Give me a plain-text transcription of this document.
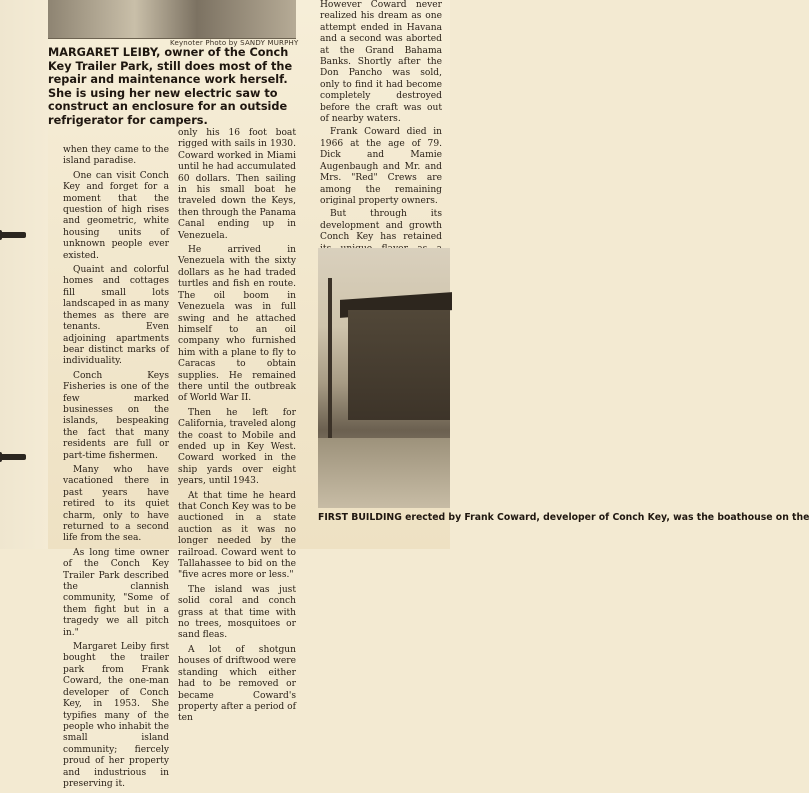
Keynoter Photo by SANDY MURPHY
MARGARET LEIBY, owner of the Conch Key Trailer Park, still does most of the repair and maintenance work herself. She is using her new electric saw to construct an enclosure for an outside refrigerator for campers.

when they came to the island paradise.

One can visit Conch Key and forget for a moment that the question of high rises and geometric, white housing units of unknown people ever existed.

Quaint and colorful homes and cottages fill small lots landscaped in as many themes as there are tenants. Even adjoining apartments bear distinct marks of individuality.

Conch Keys Fisheries is one of the few marked businesses on the islands, bespeaking the fact that many residents are full or part-time fishermen.

Many who have vacationed there in past years have retired to its quiet charm, only to have returned to a second life from the sea.

As long time owner of the Conch Key Trailer Park described the clannish community, "Some of them fight but in a tragedy we all pitch in."

Margaret Leiby first bought the trailer park from Frank Coward, the one-man developer of Conch Key, in 1953. She typifies many of the people who inhabit the small island community; fiercely proud of her property and industrious in preserving it.

only his 16 foot boat rigged with sails in 1930. Coward worked in Miami until he had accumulated 60 dollars. Then sailing in his small boat he traveled down the Keys, then through the Panama Canal ending up in Venezuela.

He arrived in Venezuela with the sixty dollars as he had traded turtles and fish en route. The oil boom in Venezuela was in full swing and he attached himself to an oil company who furnished him with a plane to fly to Caracas to obtain supplies. He remained there until the outbreak of World War II.

Then he left for California, traveled along the coast to Mobile and ended up in Key West. Coward worked in the ship yards over eight years, until 1943.

At that time he heard that Conch Key was to be auctioned in a state auction as it was no longer needed by the railroad. Coward went to Tallahassee to bid on the "five acres more or less."

The island was just solid coral and conch grass at that time with no trees, mosquitoes or sand fleas.

A lot of shotgun houses of driftwood were standing which either had to be removed or became Coward's property after a period of ten

However Coward never realized his dream as one attempt ended in Havana and a second was aborted at the Grand Bahama Banks. Shortly after the Don Pancho was sold, only to find it had become completely destroyed before the craft was out of nearby waters.

Frank Coward died in 1966 at the age of 79. Dick and Mamie Augenbaugh and Mr. and Mrs. "Red" Crews are among the remaining original property owners.

But through its development and growth Conch Key has retained

FIRST BUILDING erected by Frank Coward, developer of Conch Key, was the boathouse on the
